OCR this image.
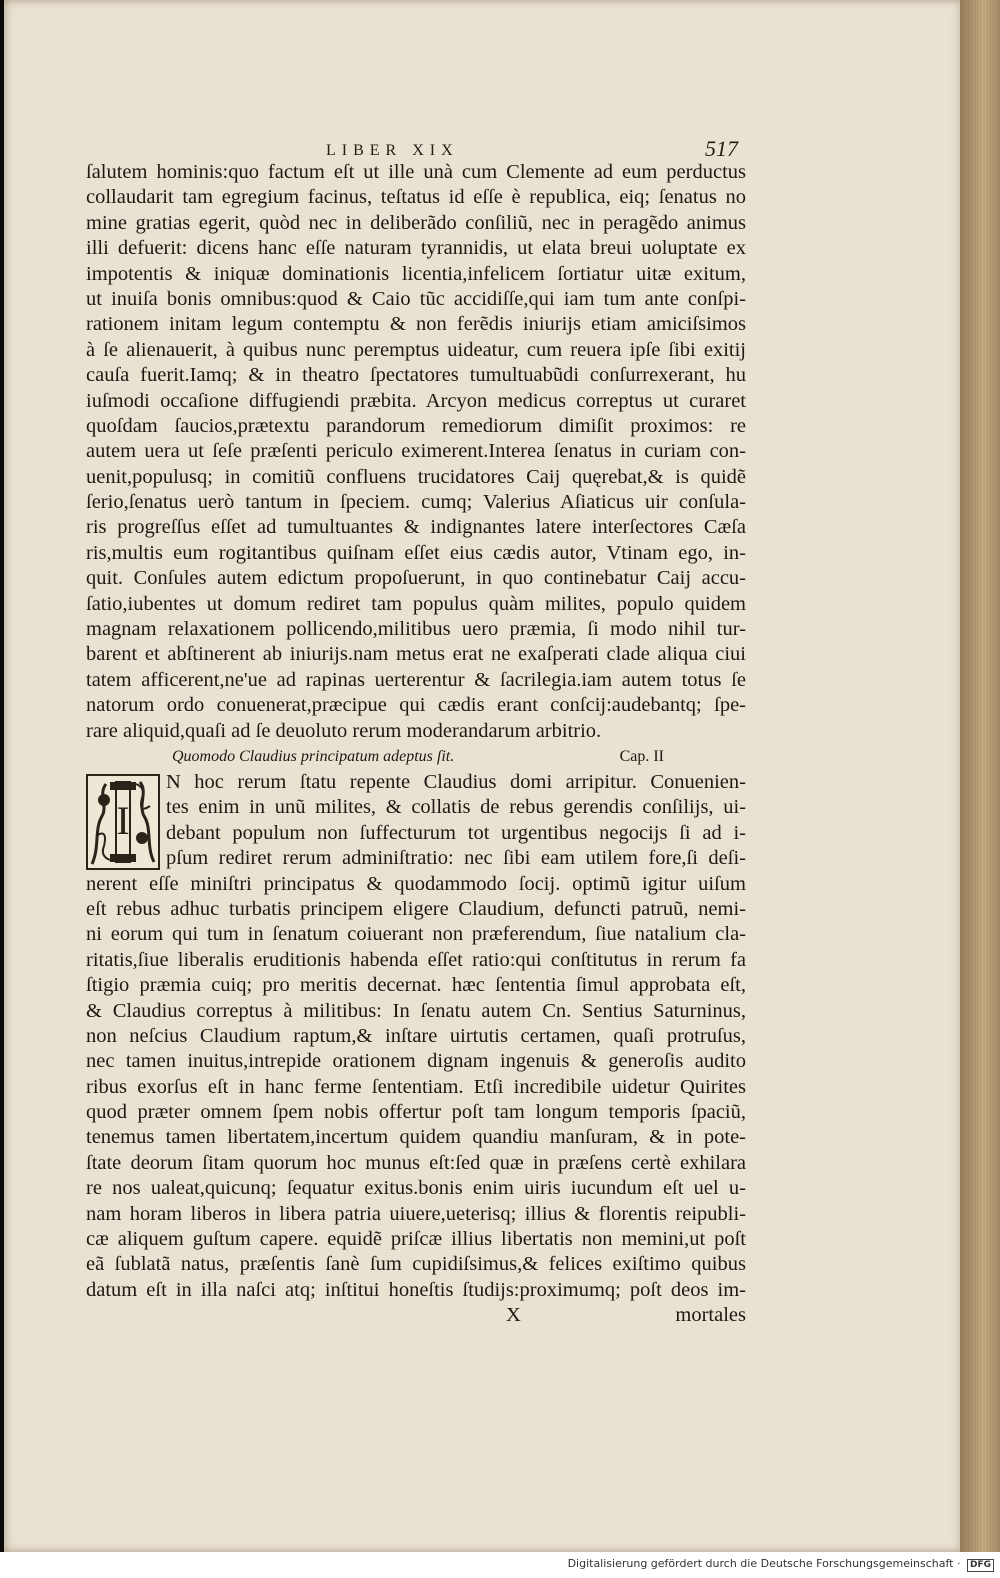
LIBER XIX	517
ſalutem hominis:quo factum eſt ut ille unà cum Clemente ad eum perductus
collaudarit tam egregium facinus, teſtatus id eſſe è republica, eiq; ſenatus no
mine gratias egerit, quòd nec in deliberãdo conſiliũ, nec in peragẽdo animus
illi defuerit: dicens hanc eſſe naturam tyrannidis, ut elata breui uoluptate ex
impotentis & iniquæ dominationis licentia,infelicem ſortiatur uitæ exitum,
ut inuiſa bonis omnibus:quod & Caio tũc accidiſſe,qui iam tum ante conſpi-
rationem initam legum contemptu & non ferẽdis iniurijs etiam amiciſsimos
à ſe alienauerit, à quibus nunc peremptus uideatur, cum reuera ipſe ſibi exitij
cauſa fuerit.Iamq; & in theatro ſpectatores tumultuabũdi conſurrexerant, hu
iuſmodi occaſione diffugiendi præbita. Arcyon medicus correptus ut curaret
quoſdam ſaucios,prætextu parandorum remediorum dimiſit proximos: re
autem uera ut ſeſe præſenti periculo eximerent.Interea ſenatus in curiam con-
uenit,populusq; in comitiũ confluens trucidatores Caij quęrebat,& is quidẽ
ſerio,ſenatus uerò tantum in ſpeciem. cumq; Valerius Aſiaticus uir conſula-
ris progreſſus eſſet ad tumultuantes & indignantes latere interſectores Cæſa
ris,multis eum rogitantibus quiſnam eſſet eius cædis autor, Vtinam ego, in-
quit. Conſules autem edictum propoſuerunt, in quo continebatur Caij accu-
ſatio,iubentes ut domum rediret tam populus quàm milites, populo quidem
magnam relaxationem pollicendo,militibus uero præmia, ſi modo nihil tur-
barent et abſtinerent ab iniurijs.nam metus erat ne exaſperati clade aliqua ciui
tatem afficerent,ne'ue ad rapinas uerterentur & ſacrilegia.iam autem totus ſe
natorum ordo conuenerat,præcipue qui cædis erant conſcij:audebantq; ſpe-
rare aliquid,quaſi ad ſe deuoluto rerum moderandarum arbitrio.
Quomodo Claudius principatum adeptus ſit.	Cap. II
I
N hoc rerum ſtatu repente Claudius domi arripitur. Conuenien-
tes enim in unũ milites, & collatis de rebus gerendis conſilijs, ui-
debant populum non ſuffecturum tot urgentibus negocijs ſi ad i-
pſum rediret rerum adminiſtratio: nec ſibi eam utilem fore,ſi deſi-
nerent eſſe miniſtri principatus & quodammodo ſocij. optimũ igitur uiſum
eſt rebus adhuc turbatis principem eligere Claudium, defuncti patruũ, nemi-
ni eorum qui tum in ſenatum coiuerant non præferendum, ſiue natalium cla-
ritatis,ſiue liberalis eruditionis habenda eſſet ratio:qui conſtitutus in rerum fa
ſtigio præmia cuiq; pro meritis decernat. hæc ſententia ſimul approbata eſt,
& Claudius correptus à militibus: In ſenatu autem Cn. Sentius Saturninus,
non neſcius Claudium raptum,& inſtare uirtutis certamen, quaſi protruſus,
nec tamen inuitus,intrepide orationem dignam ingenuis & generoſis audito
ribus exorſus eſt in hanc ferme ſententiam. Etſi incredibile uidetur Quirites
quod præter omnem ſpem nobis offertur poſt tam longum temporis ſpaciũ,
tenemus tamen libertatem,incertum quidem quandiu manſuram, & in pote-
ſtate deorum ſitam quorum hoc munus eſt:ſed quæ in præſens certè exhilara
re nos ualeat,quicunq; ſequatur exitus.bonis enim uiris iucundum eſt uel u-
nam horam liberos in libera patria uiuere,ueterisq; illius & florentis reipubli-
cæ aliquem guſtum capere. equidẽ priſcæ illius libertatis non memini,ut poſt
eã ſublatã natus, præſentis ſanè ſum cupidiſsimus,& felices exiſtimo quibus
datum eſt in illa naſci atq; inſtitui honeſtis ſtudijs:proximumq; poſt deos im-
X	mortales
Digitalisierung gefördert durch die Deutsche Forschungsgemeinschaft · DFG
